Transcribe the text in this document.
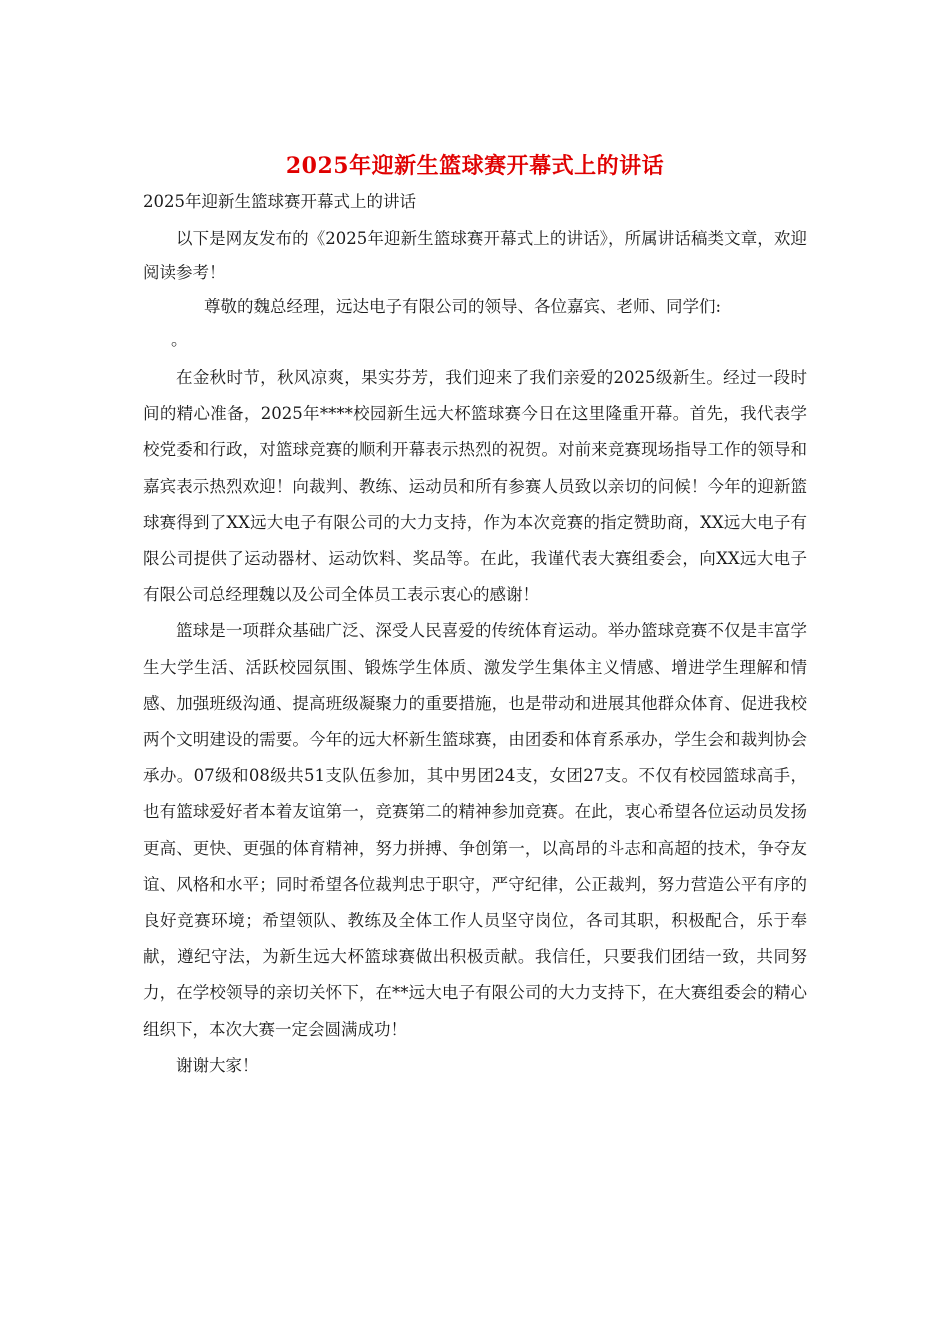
2025年迎新生篮球赛开幕式上的讲话

2025年迎新生篮球赛开幕式上的讲话

以下是网友发布的《2025年迎新生篮球赛开幕式上的讲话》，所属讲话稿类文章，欢迎阅读参考！

尊敬的魏总经理，远达电子有限公司的领导、各位嘉宾、老师、同学们:

。

在金秋时节，秋风凉爽，果实芬芳，我们迎来了我们亲爱的2025级新生。经过一段时间的精心准备，2025年****校园新生远大杯篮球赛今日在这里隆重开幕。首先，我代表学校党委和行政，对篮球竞赛的顺利开幕表示热烈的祝贺。对前来竞赛现场指导工作的领导和嘉宾表示热烈欢迎！向裁判、教练、运动员和所有参赛人员致以亲切的问候！今年的迎新篮球赛得到了XX远大电子有限公司的大力支持，作为本次竞赛的指定赞助商，XX远大电子有限公司提供了运动器材、运动饮料、奖品等。在此，我谨代表大赛组委会，向XX远大电子有限公司总经理魏以及公司全体员工表示衷心的感谢！

篮球是一项群众基础广泛、深受人民喜爱的传统体育运动。举办篮球竞赛不仅是丰富学生大学生活、活跃校园氛围、锻炼学生体质、激发学生集体主义情感、增进学生理解和情感、加强班级沟通、提高班级凝聚力的重要措施，也是带动和进展其他群众体育、促进我校两个文明建设的需要。今年的远大杯新生篮球赛，由团委和体育系承办，学生会和裁判协会承办。07级和08级共51支队伍参加，其中男团24支，女团27支。不仅有校园篮球高手，也有篮球爱好者本着友谊第一，竞赛第二的精神参加竞赛。在此，衷心希望各位运动员发扬更高、更快、更强的体育精神，努力拼搏、争创第一，以高昂的斗志和高超的技术，争夺友谊、风格和水平；同时希望各位裁判忠于职守，严守纪律，公正裁判，努力营造公平有序的良好竞赛环境；希望领队、教练及全体工作人员坚守岗位，各司其职，积极配合，乐于奉献，遵纪守法，为新生远大杯篮球赛做出积极贡献。我信任，只要我们团结一致，共同努力，在学校领导的亲切关怀下，在**远大电子有限公司的大力支持下，在大赛组委会的精心组织下，本次大赛一定会圆满成功！

谢谢大家！
